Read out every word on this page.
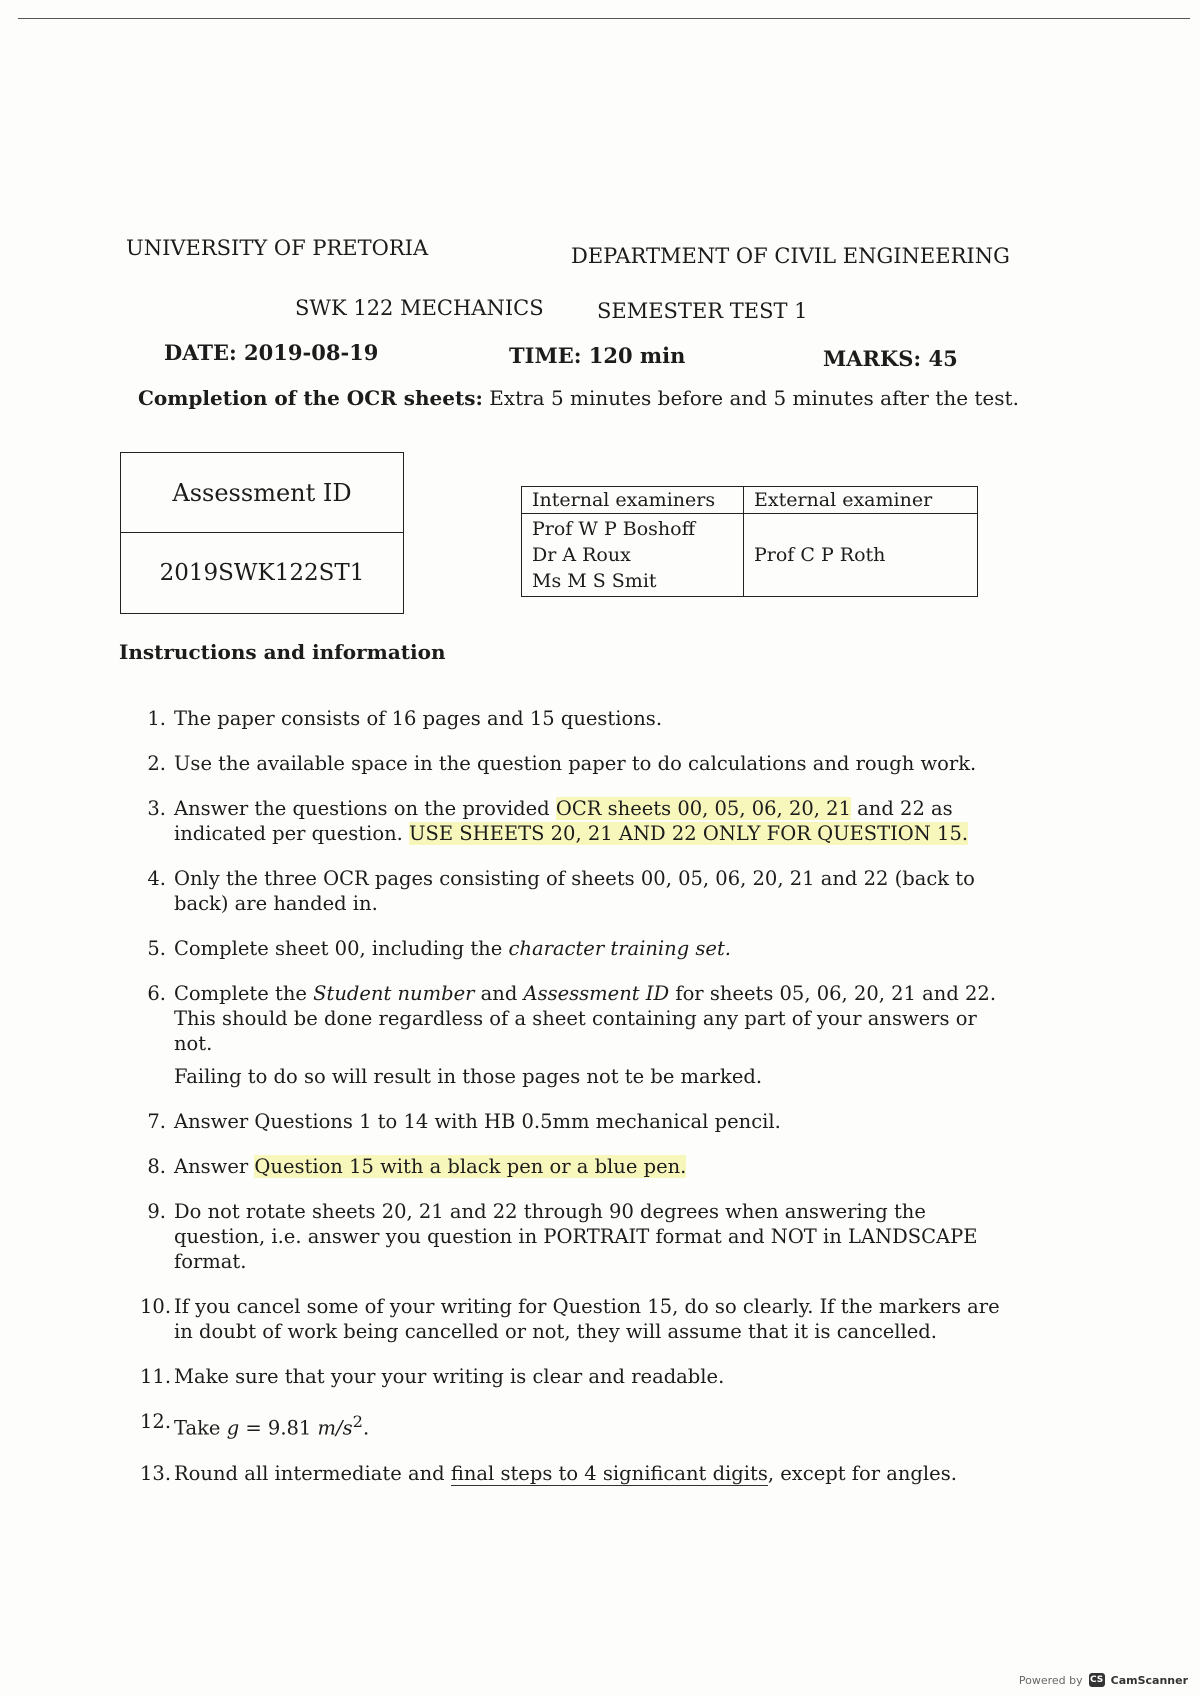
UNIVERSITY OF PRETORIA	DEPARTMENT OF CIVIL ENGINEERING
SWK 122 MECHANICS	SEMESTER TEST 1
DATE: 2019-08-19	TIME: 120 min	MARKS: 45
Completion of the OCR sheets: Extra 5 minutes before and 5 minutes after the test.
Assessment ID
2019SWK122ST1
Internal examiners	External examiner

Prof W P Boshoff
Dr A Roux
Ms M S Smit	Prof C P Roth
Instructions and information
1. The paper consists of 16 pages and 15 questions.
2. Use the available space in the question paper to do calculations and rough work.
3. Answer the questions on the provided OCR sheets 00, 05, 06, 20, 21 and 22 as indicated per question. USE SHEETS 20, 21 AND 22 ONLY FOR QUESTION 15.
4. Only the three OCR pages consisting of sheets 00, 05, 06, 20, 21 and 22 (back to back) are handed in.
5. Complete sheet 00, including the character training set.
6. Complete the Student number and Assessment ID for sheets 05, 06, 20, 21 and 22. This should be done regardless of a sheet containing any part of your answers or not.
Failing to do so will result in those pages not te be marked.
7. Answer Questions 1 to 14 with HB 0.5mm mechanical pencil.
8. Answer Question 15 with a black pen or a blue pen.
9. Do not rotate sheets 20, 21 and 22 through 90 degrees when answering the question, i.e. answer you question in PORTRAIT format and NOT in LANDSCAPE format.
10. If you cancel some of your writing for Question 15, do so clearly. If the markers are in doubt of work being cancelled or not, they will assume that it is cancelled.
11. Make sure that your your writing is clear and readable.
12. Take g = 9.81 $m/s^2$.
13. Round all intermediate and final steps to 4 significant digits, except for angles.
Powered by CS CamScanner
